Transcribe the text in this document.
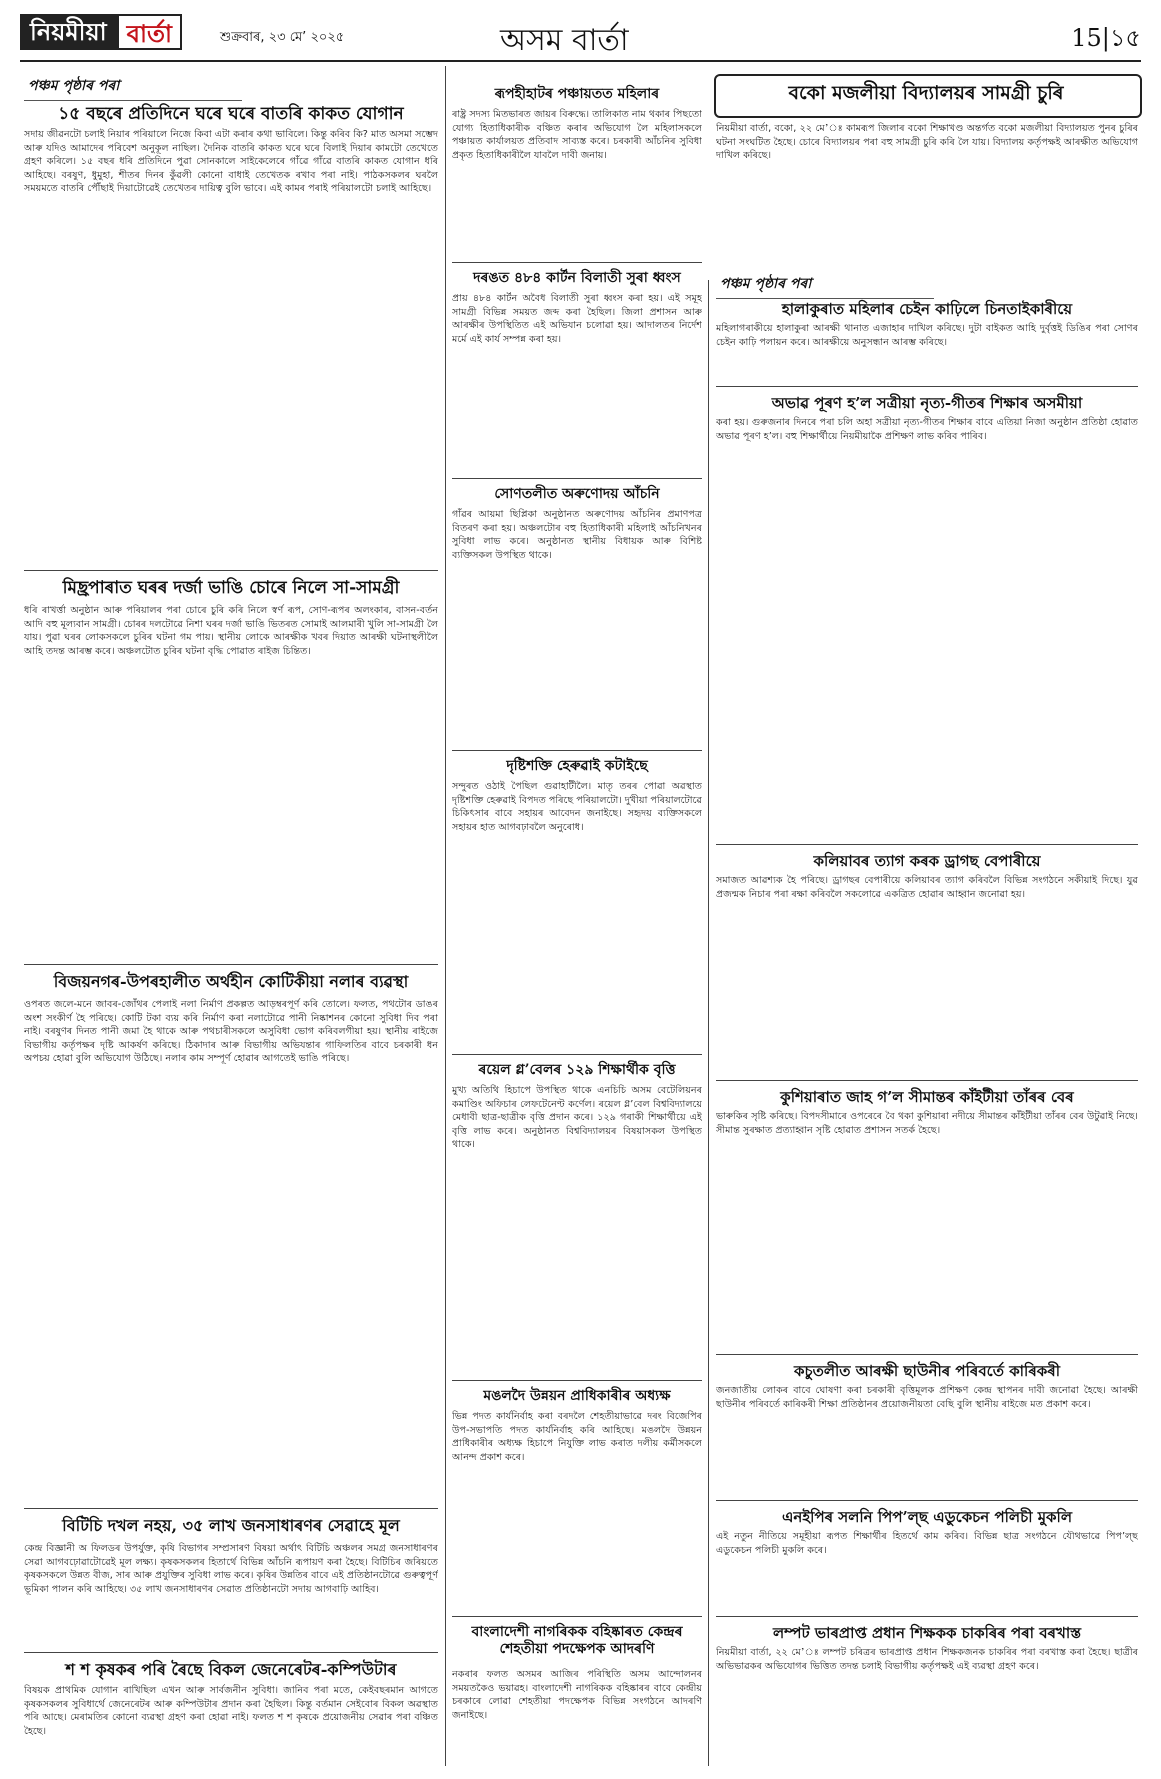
নিয়মীয়া বাৰ্তা	শুক্ৰবাৰ, ২৩ মে’ ২০২৫	অসম বাৰ্তা	15|১৫
পঞ্চম পৃষ্ঠাৰ পৰা
১৫ বছৰে প্ৰতিদিনে ঘৰে ঘৰে বাতৰি কাকত যোগান
সদায় জীৱনটো চলাই নিয়াৰ পৰিয়ালে নিজে কিবা এটা কৰাৰ কথা ভাবিলে। কিন্তু কৰিব কি? মাত অসমা সম্ভেদ আৰু যদিও আমাদেৰ পৰিবেশ অনুকূল নাছিল। দৈনিক বাতৰি কাকত ঘৰে ঘৰে বিলাই দিয়াৰ কামটো তেখেতে গ্ৰহণ কৰিলে। ১৫ বছৰ ধৰি প্ৰতিদিনে পুৱা সোনকালে সাইকেলেৰে গাঁৱে গাঁৱে বাতৰি কাকত যোগান ধৰি আহিছে। বৰষুণ, ধুমুহা, শীতৰ দিনৰ কুঁৱলী কোনো বাধাই তেখেতক ৰখাব পৰা নাই। পাঠকসকলৰ ঘৰলৈ সময়মতে বাতৰি পৌঁছাই দিয়াটোৱেই তেখেতৰ দায়িত্ব বুলি ভাবে। এই কামৰ পৰাই পৰিয়ালটো চলাই আহিছে।
মিছ্ৰপাৰাত ঘৰৰ দৰ্জা ভাঙি চোৰে নিলে সা-সামগ্ৰী
ধৰি ৰাখৰ্ত্তা অনুষ্ঠান আৰু পৰিয়ালৰ পৰা চোৰে চুৰি কৰি নিলে স্বৰ্ণ ৰূপ, সোণ-ৰূপৰ অলংকাৰ, বাসন-বৰ্তন আদি বহু মূল্যবান সামগ্ৰী। চোৰৰ দলটোৱে নিশা ঘৰৰ দৰ্জা ভাঙি ভিতৰত সোমাই আলমাৰী খুলি সা-সামগ্ৰী লৈ যায়। পুৱা ঘৰৰ লোকসকলে চুৰিৰ ঘটনা গম পায়। স্থানীয় লোকে আৰক্ষীক খবৰ দিয়াত আৰক্ষী ঘটনাস্থলীলৈ আহি তদন্ত আৰম্ভ কৰে। অঞ্চলটোত চুৰিৰ ঘটনা বৃদ্ধি পোৱাত ৰাইজ চিন্তিত।
বিজয়নগৰ-উপৰহালীত অৰ্থহীন কোটিকীয়া নলাৰ ব্যৱস্থা
ওপৰত জলে-মনে জাবৰ-জোঁথৰ পেলাই নলা নিৰ্মাণ প্ৰকল্পত আড়ম্বৰপূৰ্ণ কৰি তোলে। ফলত, পথটোৰ ডাঙৰ অংশ সংকীৰ্ণ হৈ পৰিছে। কোটি টকা ব্যয় কৰি নিৰ্মাণ কৰা নলাটোৱে পানী নিষ্কাশনৰ কোনো সুবিধা দিব পৰা নাই। বৰষুণৰ দিনত পানী জমা হৈ থাকে আৰু পথচাৰীসকলে অসুবিধা ভোগ কৰিবলগীয়া হয়। স্থানীয় ৰাইজে বিভাগীয় কৰ্তৃপক্ষৰ দৃষ্টি আকৰ্ষণ কৰিছে। ঠিকাদাৰ আৰু বিভাগীয় অভিযন্তাৰ গাফিলতিৰ বাবে চৰকাৰী ধন অপচয় হোৱা বুলি অভিযোগ উঠিছে। নলাৰ কাম সম্পূৰ্ণ হোৱাৰ আগতেই ভাঙি পৰিছে।
বিটিচি দখল নহয়, ৩৫ লাখ জনসাধাৰণৰ সেৱাহে মূল
কেন্দ্ৰ বিজ্ঞানী অ ফিলডৰ উপৰ্যুক্ত, কৃষি বিভাগৰ সম্প্ৰসাৰণ বিষয়া অৰ্থাৎ বিটিচি অঞ্চলৰ সমগ্ৰ জনসাধাৰণৰ সেৱা আগবঢ়োৱাটোৱেই মূল লক্ষ্য। কৃষকসকলৰ হিতাৰ্থে বিভিন্ন আঁচনি ৰূপায়ণ কৰা হৈছে। বিটিচিৰ জৰিয়তে কৃষকসকলে উন্নত বীজ, সাৰ আৰু প্ৰযুক্তিৰ সুবিধা লাভ কৰে। কৃষিৰ উন্নতিৰ বাবে এই প্ৰতিষ্ঠানটোৱে গুৰুত্বপূৰ্ণ ভূমিকা পালন কৰি আহিছে। ৩৫ লাখ জনসাধাৰণৰ সেৱাত প্ৰতিষ্ঠানটো সদায় আগবাঢ়ি আহিব।
শ শ কৃষকৰ পৰি ৰৈছে বিকল জেনেৰেটৰ-কম্পিউটাৰ
বিষয়ক প্ৰাথমিক যোগান ৰাখিছিল এখন আৰু সাৰ্বজনীন সুবিধা। জানিব পৰা মতে, কেইবছৰমান আগতে কৃষকসকলৰ সুবিধাৰ্থে জেনেৰেটৰ আৰু কম্পিউটাৰ প্ৰদান কৰা হৈছিল। কিন্তু বৰ্তমান সেইবোৰ বিকল অৱস্থাত পৰি আছে। মেৰামতিৰ কোনো ব্যৱস্থা গ্ৰহণ কৰা হোৱা নাই। ফলত শ শ কৃষকে প্ৰয়োজনীয় সেৱাৰ পৰা বঞ্চিত হৈছে।
ৰূপহীহাটৰ পঞ্চায়তত মহিলাৰ
ৰাষ্ট্ৰ সদস্য মিতভাৰত জায়ৰ বিৰুদ্ধে। তালিকাত নাম থকাৰ পিছতো যোগ্য হিতাধিকাৰীক বঞ্চিত কৰাৰ অভিযোগ লৈ মহিলাসকলে পঞ্চায়ত কাৰ্যালয়ত প্ৰতিবাদ সাব্যস্ত কৰে। চৰকাৰী আঁচনিৰ সুবিধা প্ৰকৃত হিতাধিকাৰীলৈ যাবলৈ দাবী জনায়।
দৰঙত ৪৮৪ কাৰ্টন বিলাতী সুৰা ধ্বংস
প্ৰায় ৪৮৪ কাৰ্টন অবৈধ বিলাতী সুৰা ধ্বংস কৰা হয়। এই সমূহ সামগ্ৰী বিভিন্ন সময়ত জব্দ কৰা হৈছিল। জিলা প্ৰশাসন আৰু আৰক্ষীৰ উপস্থিতিত এই অভিযান চলোৱা হয়। আদালতৰ নিৰ্দেশ মৰ্মে এই কাৰ্য সম্পন্ন কৰা হয়।
সোণতলীত অৰুণোদয় আঁচনি
গাঁৱৰ আয়মা ছিপ্লিকা অনুষ্ঠানত অৰুণোদয় আঁচনিৰ প্ৰমাণপত্ৰ বিতৰণ কৰা হয়। অঞ্চলটোৰ বহু হিতাধিকাৰী মহিলাই আঁচনিখনৰ সুবিধা লাভ কৰে। অনুষ্ঠানত স্থানীয় বিধায়ক আৰু বিশিষ্ট ব্যক্তিসকল উপস্থিত থাকে।
দৃষ্টিশক্তি হেৰুৱাই কটাইছে
সন্দুৰত ওঠাই পৈছিল গুৱাহাটীলৈ। মাতৃ তৰৰ পোৱা অৱস্থাত দৃষ্টিশক্তি হেৰুৱাই বিপদত পৰিছে পৰিয়ালটো। দুখীয়া পৰিয়ালটোৱে চিকিৎসাৰ বাবে সহায়ৰ আবেদন জনাইছে। সহৃদয় ব্যক্তিসকলে সহায়ৰ হাত আগবঢ়াবলৈ অনুৰোধ।
ৰয়েল গ্ল’বেলৰ ১২৯ শিক্ষাৰ্থীক বৃত্তি
মুখ্য অতিথি হিচাপে উপস্থিত থাকে এনচিচি অসম বেটেলিয়নৰ কমাণ্ডিং অফিচাৰ লেফটেনেণ্ট কৰ্ণেল। ৰয়েল গ্ল’বেল বিশ্ববিদ্যালয়ে মেধাবী ছাত্ৰ-ছাত্ৰীক বৃত্তি প্ৰদান কৰে। ১২৯ গৰাকী শিক্ষাৰ্থীয়ে এই বৃত্তি লাভ কৰে। অনুষ্ঠানত বিশ্ববিদ্যালয়ৰ বিষয়াসকল উপস্থিত থাকে।
মঙলদৈ উন্নয়ন প্ৰাধিকাৰীৰ অধ্যক্ষ
ভিন্ন পদত কাৰ্যনিৰ্বাহ কৰা বৰদলৈ শেহতীয়াভাৱে দৰং বিজেপিৰ উপ-সভাপতি পদত কাৰ্যনিৰ্বাহ কৰি আহিছে। মঙলদৈ উন্নয়ন প্ৰাধিকাৰীৰ অধ্যক্ষ হিচাপে নিযুক্তি লাভ কৰাত দলীয় কৰ্মীসকলে আনন্দ প্ৰকাশ কৰে।
বাংলাদেশী নাগৰিকক বহিষ্কাৰত কেন্দ্ৰৰ শেহতীয়া পদক্ষেপক আদৰণি
নকৰাৰ ফলত অসমৰ আজিৰ পৰিস্থিতি অসম আন্দোলনৰ সময়তকৈও ভয়াৱহ। বাংলাদেশী নাগৰিকক বহিষ্কাৰৰ বাবে কেন্দ্ৰীয় চৰকাৰে লোৱা শেহতীয়া পদক্ষেপক বিভিন্ন সংগঠনে আদৰণি জনাইছে।
বকো মজলীয়া বিদ্যালয়ৰ সামগ্ৰী চুৰি
নিয়মীয়া বাৰ্তা, বকো, ২২ মে’ঃ কামৰূপ জিলাৰ বকো শিক্ষাখণ্ড অন্তৰ্গত বকো মজলীয়া বিদ্যালয়ত পুনৰ চুৰিৰ ঘটনা সংঘটিত হৈছে। চোৰে বিদ্যালয়ৰ পৰা বহু সামগ্ৰী চুৰি কৰি লৈ যায়। বিদ্যালয় কৰ্তৃপক্ষই আৰক্ষীত অভিযোগ দাখিল কৰিছে।
পঞ্চম পৃষ্ঠাৰ পৰা
হালাকুৰাত মহিলাৰ চেইন কাঢ়িলে চিনতাইকাৰীয়ে
মহিলাগৰাকীয়ে হালাকুৰা আৰক্ষী থানাত এজাহাৰ দাখিল কৰিছে। দুটা বাইকত আহি দুৰ্বৃত্তই ডিঙিৰ পৰা সোণৰ চেইন কাঢ়ি পলায়ন কৰে। আৰক্ষীয়ে অনুসন্ধান আৰম্ভ কৰিছে।
অভাৱ পূৰণ হ’ল সত্ৰীয়া নৃত্য-গীতৰ শিক্ষাৰ অসমীয়া
কৰা হয়। গুৰুজনাৰ দিনৰে পৰা চলি অহা সত্ৰীয়া নৃত্য-গীতৰ শিক্ষাৰ বাবে এতিয়া নিজা অনুষ্ঠান প্ৰতিষ্ঠা হোৱাত অভাৱ পূৰণ হ’ল। বহু শিক্ষাৰ্থীয়ে নিয়মীয়াকৈ প্ৰশিক্ষণ লাভ কৰিব পাৰিব।
কলিয়াবৰ ত্যাগ কৰক ড্ৰাগছ বেপাৰীয়ে
সমাজত আৱশ্যক হৈ পৰিছে। ড্ৰাগছৰ বেপাৰীয়ে কলিয়াবৰ ত্যাগ কৰিবলৈ বিভিন্ন সংগঠনে সকীয়াই দিছে। যুৱ প্ৰজন্মক নিচাৰ পৰা ৰক্ষা কৰিবলৈ সকলোৱে একত্ৰিত হোৱাৰ আহ্বান জনোৱা হয়।
কুশিয়াৰাত জাহ গ’ল সীমান্তৰ কাঁইটীয়া তাঁৰৰ বেৰ
ভাৰুকিৰ সৃষ্টি কৰিছে। বিপদসীমাৰে ওপৰেৰে বৈ থকা কুশিয়াৰা নদীয়ে সীমান্তৰ কাঁইটীয়া তাঁৰৰ বেৰ উটুৱাই নিছে। সীমান্ত সুৰক্ষাত প্ৰত্যাহ্বান সৃষ্টি হোৱাত প্ৰশাসন সতৰ্ক হৈছে।
কচুতলীত আৰক্ষী ছাউনীৰ পৰিবৰ্তে কাৰিকৰী
জনজাতীয় লোকৰ বাবে ঘোষণা কৰা চৰকাৰী বৃত্তিমূলক প্ৰশিক্ষণ কেন্দ্ৰ স্থাপনৰ দাবী জনোৱা হৈছে। আৰক্ষী ছাউনীৰ পৰিবৰ্তে কাৰিকৰী শিক্ষা প্ৰতিষ্ঠানৰ প্ৰয়োজনীয়তা বেছি বুলি স্থানীয় ৰাইজে মত প্ৰকাশ কৰে।
এনইপিৰ সলনি পিপ’ল্‌ছ এডুকেচন পলিচী মুকলি
এই নতুন নীতিয়ে সমূহীয়া ৰূপত শিক্ষাৰ্থীৰ হিতৰ্থে কাম কৰিব। বিভিন্ন ছাত্ৰ সংগঠনে যৌথভাৱে পিপ’ল্‌ছ এডুকেচন পলিচী মুকলি কৰে।
লম্পট ভাৰপ্ৰাপ্ত প্ৰধান শিক্ষকক চাকৰিৰ পৰা বৰখাস্ত
নিয়মীয়া বাৰ্তা, ২২ মে’ঃ লম্পট চৰিত্ৰৰ ভাৰপ্ৰাপ্ত প্ৰধান শিক্ষকজনক চাকৰিৰ পৰা বৰখাস্ত কৰা হৈছে। ছাত্ৰীৰ অভিভাৱকৰ অভিযোগৰ ভিত্তিত তদন্ত চলাই বিভাগীয় কৰ্তৃপক্ষই এই ব্যৱস্থা গ্ৰহণ কৰে।
